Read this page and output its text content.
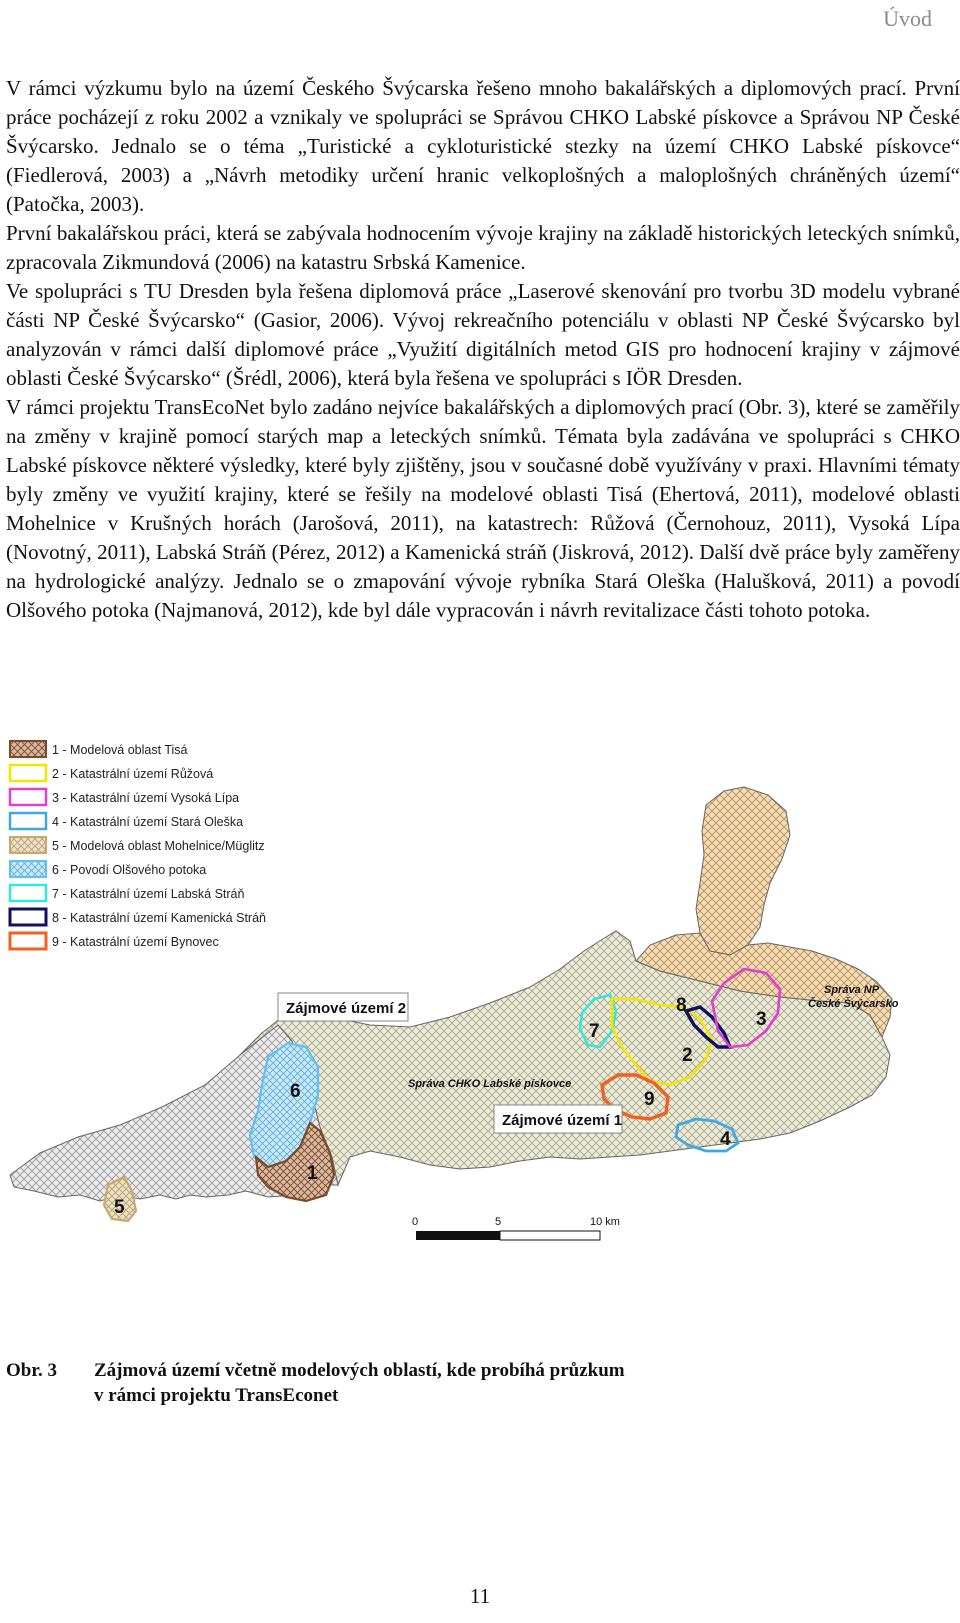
Úvod

V rámci výzkumu bylo na území Českého Švýcarska řešeno mnoho bakalářských a diplomových prací. První práce pocházejí z roku 2002 a vznikaly ve spolupráci se Správou CHKO Labské pískovce a Správou NP České Švýcarsko. Jednalo se o téma „Turistické a cykloturistické stezky na území CHKO Labské pískovce“ (Fiedlerová, 2003) a „Návrh metodiky určení hranic velkoplošných a maloplošných chráněných území“ (Patočka, 2003).

První bakalářskou práci, která se zabývala hodnocením vývoje krajiny na základě historických leteckých snímků, zpracovala Zikmundová (2006) na katastru Srbská Kamenice.

Ve spolupráci s TU Dresden byla řešena diplomová práce „Laserové skenování pro tvorbu 3D modelu vybrané části NP České Švýcarsko“ (Gasior, 2006). Vývoj rekreačního potenciálu v oblasti NP České Švýcarsko byl analyzován v rámci další diplomové práce „Využití digitálních metod GIS pro hodnocení krajiny v zájmové oblasti České Švýcarsko“ (Šrédl, 2006), která byla řešena ve spolupráci s IÖR Dresden.

V rámci projektu TransEcoNet bylo zadáno nejvíce bakalářských a diplomových prací (Obr. 3), které se zaměřily na změny v krajině pomocí starých map a leteckých snímků. Témata byla zadávána ve spolupráci s CHKO Labské pískovce některé výsledky, které byly zjištěny, jsou v současné době využívány v praxi. Hlavními tématy byly změny ve využití krajiny, které se řešily na modelové oblasti Tisá (Ehertová, 2011), modelové oblasti Mohelnice v Krušných horách (Jarošová, 2011), na katastrech: Růžová (Černohouz, 2011), Vysoká Lípa (Novotný, 2011), Labská Stráň (Pérez, 2012) a Kamenická stráň (Jiskrová, 2012). Další dvě práce byly zaměřeny na hydrologické analýzy. Jednalo se o zmapování vývoje rybníka Stará Oleška (Halušková, 2011) a povodí Olšového potoka (Najmanová, 2012), kde byl dále vypracován i návrh revitalizace části tohoto potoka.

1 - Modelová oblast Tisá
2 - Katastrální území Růžová
3 - Katastrální území Vysoká Lípa
4 - Katastrální území Stará Oleška
5 - Modelová oblast Mohelnice/Müglitz
6 - Povodí Olšového potoka
7 - Katastrální území Labská Stráň
8 - Katastrální území Kamenická Stráň
9 - Katastrální území Bynovec
Zájmové území 2
Zájmové území 1
Správa CHKO Labské pískovce
Správa NP
České Švýcarsko
1
2
3
4
5
6
7
8
9
0	5	10 km
Obr. 3	Zájmová území včetně modelových oblastí, kde probíhá průzkum
v rámci projektu TransEconet
11
